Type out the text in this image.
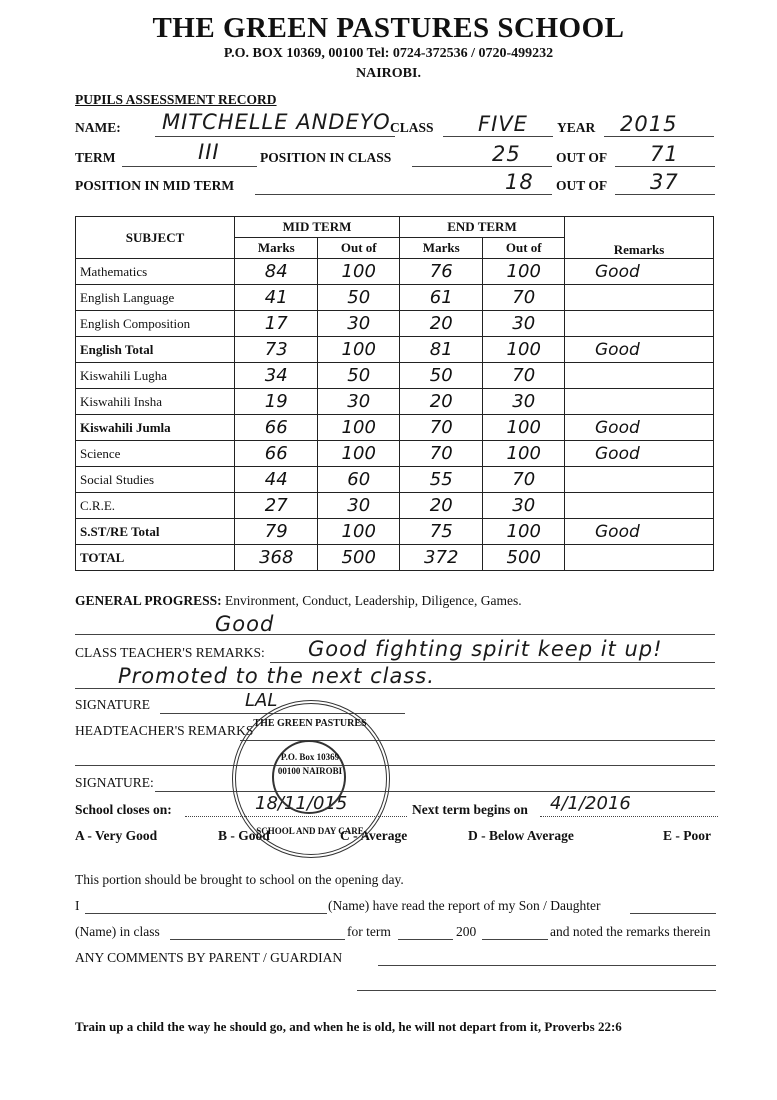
THE GREEN PASTURES SCHOOL
P.O. BOX 10369, 00100 Tel: 0724-372536 / 0720-499232
NAIROBI.
PUPILS ASSESSMENT RECORD
NAME: MITCHELLE ANDEYO CLASS FIVE YEAR 2015
TERM	III	POSITION IN CLASS	25	OUT OF 71
POSITION IN MID TERM	18 OUT OF 37
SUBJECT	MID TERM		END TERM		Remarks
	Marks	Out of	Marks	Out of	
Mathematics	84	100	76	100	Good
English Language	41	50	61	70	
English Composition	17	30	20	30	
English Total	73	100	81	100	Good
Kiswahili Lugha	34	50	50	70	
Kiswahili Insha	19	30	20	30	
Kiswahili Jumla	66	100	70	100	Good
Science	66	100	70	100	Good
Social Studies	44	60	55	70	
C.R.E.	27	30	20	30	
S.ST/RE Total	79	100	75	100	Good
TOTAL	368	500	372	500	
GENERAL PROGRESS: Environment, Conduct, Leadership, Diligence, Games.
Good
CLASS TEACHER'S REMARKS: Good fighting spirit keep it up!
Promoted to the next class.
SIGNATURE	LAL
HEADTEACHER'S REMARKS
SIGNATURE:
School closes on:	18/11/015	Next term begins on 4/1/2016
A - Very Good	B - Good	C - Average	D - Below Average	E - Poor
THE GREEN PASTURES
P.O. Box 10369
00100 NAIROBI
SCHOOL AND DAY CARE
This portion should be brought to school on the opening day.
I	(Name) have read the report of my Son / Daughter
(Name) in class	for term	200	and noted the remarks therein
ANY COMMENTS BY PARENT / GUARDIAN
Train up a child the way he should go, and when he is old, he will not depart from it, Proverbs 22:6
